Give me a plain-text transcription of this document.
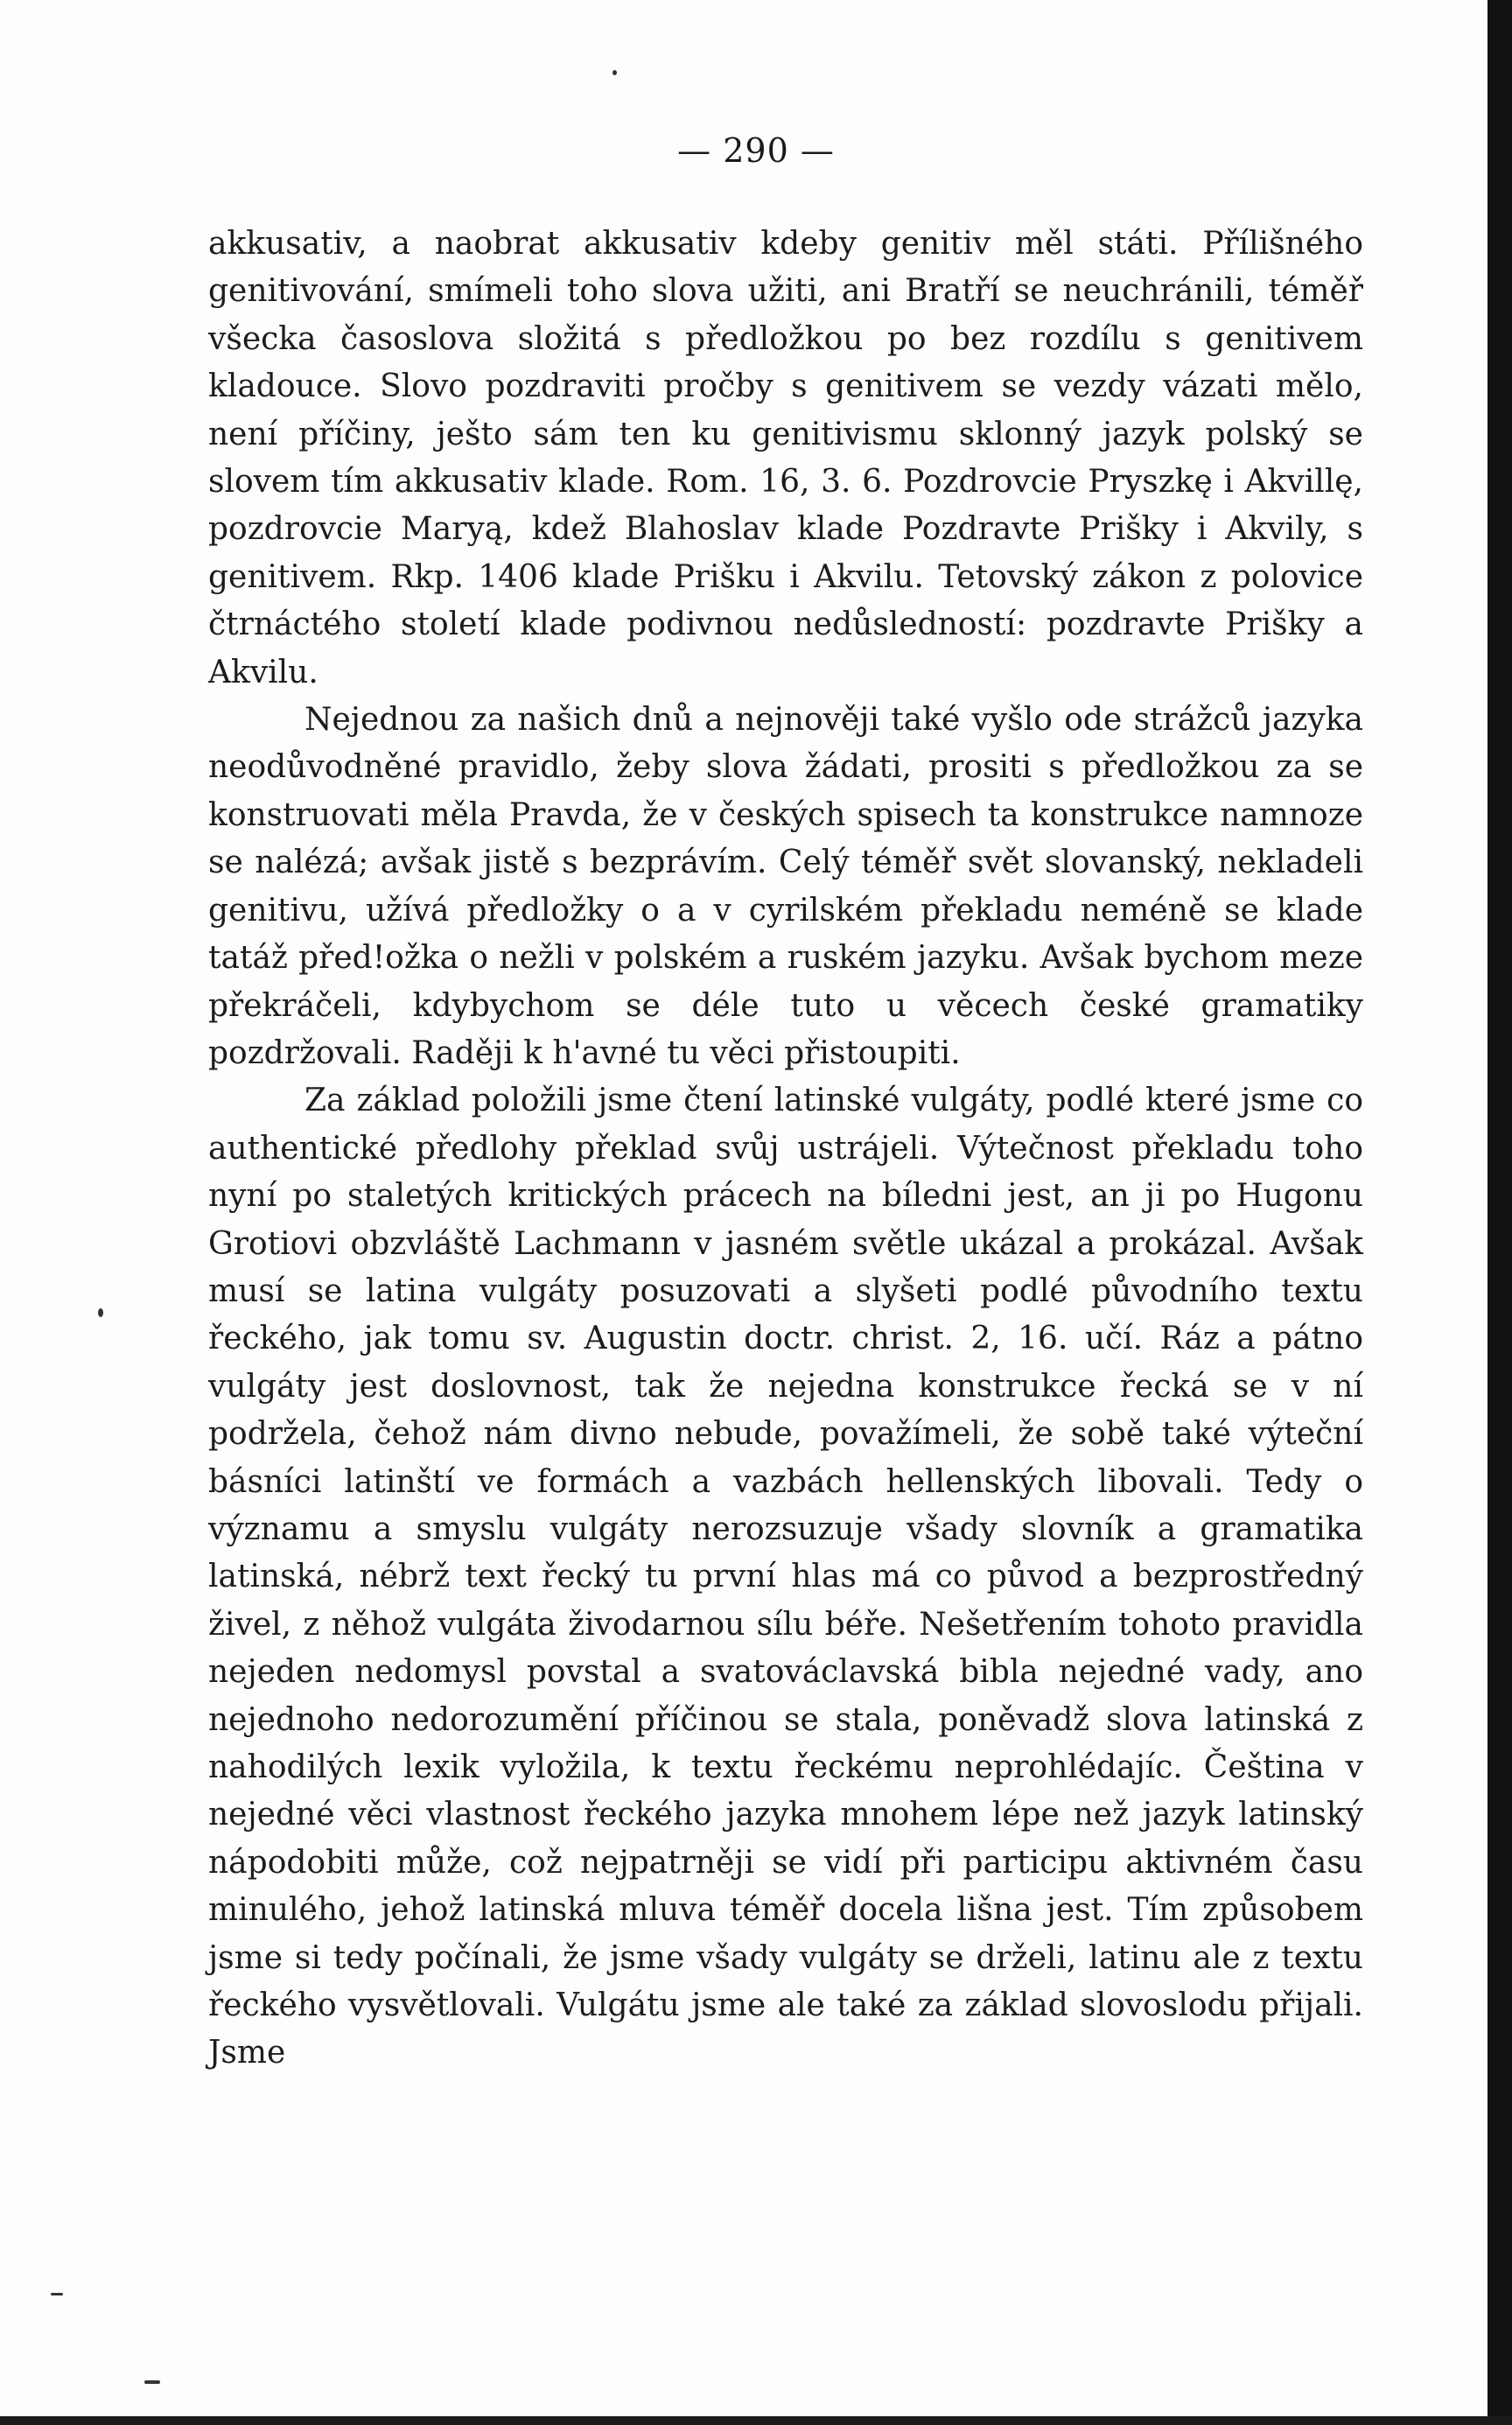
— 290 —

akkusativ, a naobrat akkusativ kdeby genitiv měl státi. Přílišného genitivování, smímeli toho slova užiti, ani Bratří se neuchránili, téměř všecka časoslova složitá s předložkou po bez rozdílu s genitivem kladouce. Slovo pozdraviti pročby s genitivem se vezdy vázati mělo, není příčiny, ješto sám ten ku genitivismu sklonný jazyk polský se slovem tím akkusativ klade. Rom. 16, 3. 6. Pozdrovcie Pryszkę i Akvillę, pozdrovcie Maryą, kdež Blahoslav klade Pozdravte Prišky i Akvily, s genitivem. Rkp. 1406 klade Prišku i Akvilu. Tetovský zákon z polovice čtrnáctého století klade podivnou nedůsledností: pozdravte Prišky a Akvilu.

Nejednou za našich dnů a nejnověji také vyšlo ode strážců jazyka neodůvodněné pravidlo, žeby slova žádati, prositi s předložkou za se konstruovati měla Pravda, že v českých spisech ta konstrukce namnoze se nalézá; avšak jistě s bezprávím. Celý téměř svět slovanský, nekladeli genitivu, užívá předložky o a v cyrilském překladu neméně se klade tatáž před!ožka o nežli v polském a ruském jazyku. Avšak bychom meze překráčeli, kdybychom se déle tuto u věcech české gramatiky pozdržovali. Raději k h'avné tu věci přistoupiti.

Za základ položili jsme čtení latinské vulgáty, podlé které jsme co authentické předlohy překlad svůj ustrájeli. Výtečnost překladu toho nyní po staletých kritických prácech na bíledni jest, an ji po Hugonu Grotiovi obzvláště Lachmann v jasném světle ukázal a prokázal. Avšak musí se latina vulgáty posuzovati a slyšeti podlé původního textu řeckého, jak tomu sv. Augustin doctr. christ. 2, 16. učí. Ráz a pátno vulgáty jest doslovnost, tak že nejedna konstrukce řecká se v ní podržela, čehož nám divno nebude, považímeli, že sobě také výteční básníci latinští ve formách a vazbách hellenských libovali. Tedy o významu a smyslu vulgáty nerozsuzuje všady slovník a gramatika latinská, nébrž text řecký tu první hlas má co původ a bezprostředný živel, z něhož vulgáta živodarnou sílu béře. Nešetřením tohoto pravidla nejeden nedomysl povstal a svatováclavská bibla nejedné vady, ano nejednoho nedorozumění příčinou se stala, poněvadž slova latinská z nahodilých lexik vyložila, k textu řeckému neprohlédajíc. Čeština v nejedné věci vlastnost řeckého jazyka mnohem lépe než jazyk latinský nápodobiti může, což nejpatrněji se vidí při participu aktivném času minulého, jehož latinská mluva téměř docela lišna jest. Tím způsobem jsme si tedy počínali, že jsme všady vulgáty se drželi, latinu ale z textu řeckého vysvětlovali. Vulgátu jsme ale také za základ slovoslodu přijali. Jsme
